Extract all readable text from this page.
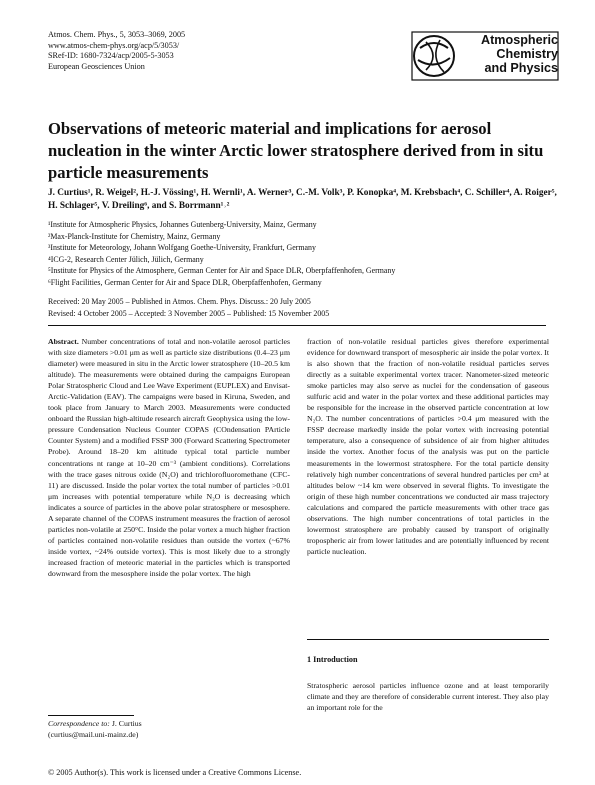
Atmos. Chem. Phys., 5, 3053–3069, 2005
www.atmos-chem-phys.org/acp/5/3053/
SRef-ID: 1680-7324/acp/2005-5-3053
European Geosciences Union
Atmospheric
Chemistry
and Physics
Observations of meteoric material and implications for aerosol nucleation in the winter Arctic lower stratosphere derived from in situ particle measurements
J. Curtius¹, R. Weigel², H.-J. Vössing¹, H. Wernli¹, A. Werner³, C.-M. Volk³, P. Konopka⁴, M. Krebsbach⁴, C. Schiller⁴, A. Roiger⁵, H. Schlager⁵, V. Dreiling⁶, and S. Borrmann¹˒²
¹Institute for Atmospheric Physics, Johannes Gutenberg-University, Mainz, Germany
²Max-Planck-Institute for Chemistry, Mainz, Germany
³Institute for Meteorology, Johann Wolfgang Goethe-University, Frankfurt, Germany
⁴ICG-2, Research Center Jülich, Jülich, Germany
⁵Institute for Physics of the Atmosphere, German Center for Air and Space DLR, Oberpfaffenhofen, Germany
⁶Flight Facilities, German Center for Air and Space DLR, Oberpfaffenhofen, Germany
Received: 20 May 2005 – Published in Atmos. Chem. Phys. Discuss.: 20 July 2005
Revised: 4 October 2005 – Accepted: 3 November 2005 – Published: 15 November 2005

Abstract. Number concentrations of total and non-volatile aerosol particles with size diameters >0.01 μm as well as particle size distributions (0.4–23 μm diameter) were measured in situ in the Arctic lower stratosphere (10–20.5 km altitude). The measurements were obtained during the campaigns European Polar Stratospheric Cloud and Lee Wave Experiment (EUPLEX) and Envisat-Arctic-Validation (EAV). The campaigns were based in Kiruna, Sweden, and took place from January to March 2003. Measurements were conducted onboard the Russian high-altitude research aircraft Geophysica using the low-pressure Condensation Nucleus Counter COPAS (COndensation PArticle Counter System) and a modified FSSP 300 (Forward Scattering Spectrometer Probe). Around 18–20 km altitude typical total particle number concentrations nt range at 10–20 cm⁻³ (ambient conditions). Correlations with the trace gases nitrous oxide (N₂O) and trichlorofluoromethane (CFC-11) are discussed. Inside the polar vortex the total number of particles >0.01 μm increases with potential temperature while N₂O is decreasing which indicates a source of particles in the above polar stratosphere or mesosphere. A separate channel of the COPAS instrument measures the fraction of aerosol particles non-volatile at 250°C. Inside the polar vortex a much higher fraction of particles contained non-volatile residues than outside the vortex (~67% inside vortex, ~24% outside vortex). This is most likely due to a strongly increased fraction of meteoric material in the particles which is transported downward from the mesosphere inside the polar vortex. The high

fraction of non-volatile residual particles gives therefore experimental evidence for downward transport of mesospheric air inside the polar vortex. It is also shown that the fraction of non-volatile residual particles serves directly as a suitable experimental vortex tracer. Nanometer-sized meteoric smoke particles may also serve as nuclei for the condensation of gaseous sulfuric acid and water in the polar vortex and these additional particles may be responsible for the increase in the observed particle concentration at low N₂O. The number concentrations of particles >0.4 μm measured with the FSSP decrease markedly inside the polar vortex with increasing potential temperature, also a consequence of subsidence of air from higher altitudes inside the vortex. Another focus of the analysis was put on the particle measurements in the lowermost stratosphere. For the total particle density relatively high number concentrations of several hundred particles per cm³ at altitudes below ~14 km were observed in several flights. To investigate the origin of these high number concentrations we conducted air mass trajectory calculations and compared the particle measurements with other trace gas observations. The high number concentrations of total particles in the lowermost stratosphere are probably caused by transport of originally tropospheric air from lower latitudes and are potentially influenced by recent particle nucleation.

1 Introduction

Stratospheric aerosol particles influence ozone and at least temporarily climate and they are therefore of considerable current interest. They also play an important role for the

Correspondence to: J. Curtius
(curtius@mail.uni-mainz.de)
© 2005 Author(s). This work is licensed under a Creative Commons License.
